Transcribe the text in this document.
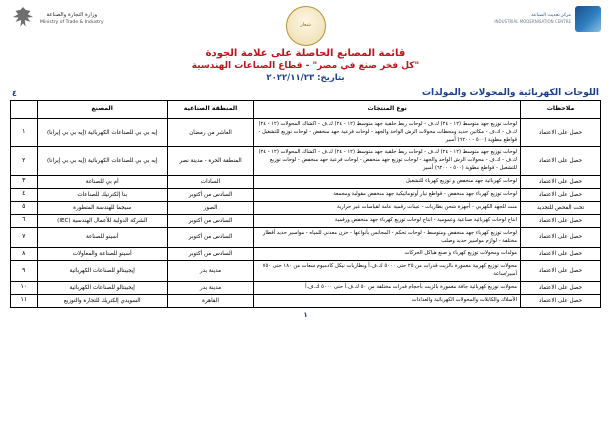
مركز تحديث الصناعة
INDUSTRIAL MODERNISATION CENTRE
شعار
وزارة التجارة والصناعة
Ministry of Trade & Industry
قائمة المصانع الحاصلة على علامة الجودة
"كل فخر صنع في مصر" - قطاع الصناعات الهندسية
بتاريخ: ٢٠٢٢/١١/٢٣
اللوحات الكهربائية والمحولات والمولدات
٤
ملاحظات	نوع المنتجات	المنطقة الصناعية	المصنع	
حصل على الاعتماد	لوحات توزيع جهد متوسط (١٢ - ٢٤) ك.ف - لوحات ربط حلقية جهد متوسط (١٢ - ٢٤) ك.ف - اكشاك المحولات (١٢ - ٢٤) ك.ف - ك.ف - مكاتين حديد ومحطات محولات الرش الواحد والجهد - لوحات فرعية حهد منخفض - لوحات توزيع للتشغيل - قواطع مطوية (٥٠٠ - ٦٢٠٠) أمبير	العاشر من رمضان	إيه بي بي للصناعات الكهربائية (إيه بي بي إيرانا)	١
حصل على الاعتماد	لوحات توزيع جهد متوسط (١٢ - ٢٤) ك.ف - لوحات ربط حلقية جهد متوسط (١٢ - ٢٤) ك.ف - اكشاك المحولات (١٢ - ٢٤) ك.ف - ك.ف - محولات الرش الواحد والجهد - لوحات توزيع جهد منخفض - لوحات فرعية حهد منخفض - لوحات توزيع للتشغيل - قواطع مطوية (٥٠٠ - ٦٢٠٠) أمبير	المنطقة الحرة - مدينة نصر	إيه بي بي للصناعات الكهربائية (إيه بي بي إيرانا)	٢
حصل على الاعتماد	لوحات كهربائية جهد منخفض و توزيع كهرباء للتشغيل	السادات	أم بي للصناعة	٣
حصل على الاعتماد	لوحات توزيع كهرباء جهد منخفض - قواطع تيار أوتوماتيكية جهد منخفض مقولبة ومجمعة	السادس من أكتوبر	بنا إلكترنيك للصناعات	٤
تحت الفحص للتجديد	منت للجهد الكهربي - أجهزة شحن بطاريات - عينات رقمية عامة لقياسات غير حرارية	الصور	سيجما للهندسة المتطورة	٥
حصل على الاعتماد	انتاج لوحات كهربائية صناعية وعمومية - انتاج لوحات توزيع كهرباء جهد منخفض ورقمية	السادس من أكتوبر	الشركة الدولية للأعمال الهندسية (IEC)	٦
حصل على الاعتماد	لوحات توزيع كهرباء جهد منخفض ومتوسط - لوحات تحكم - المجانس بأنواعها - خزن معدني للمياه - مواسير حديد أقطار مختلفة - لوازم مواسير حديد وصلب	السادس من أكتوبر	أسينو للصناعة	٧
حصل على الاعتماد	مولدات ومحولات توزيع كهرباء و صنع هياكل الحركات	السادس من أكتوبر	أسينو للصناعة والمعاولات	٨
حصل على الاعتماد	محولات توزيع كهربية مغمورة بالزيت قدرات من ٢٥ حتى ٥٠٠٠ ك.ف.أ وبطاريات نيكل كادميوم سعات من ١٨٠ حتى ٧٥٠ أمبير/ساعة	مدينة بدر	إيجيبتالو للصناعات الكهربائية	٩
حصل على الاعتماد	محولات توزيع كهربائية جافة مغمورة بالزيت بأحجام قدرات مختلفة من ٥٠ ك.ف.أ حتى ٥٠٠٠ ك.ف.أ	مدينة بدر	إيجيبتالو للصناعات الكهربائية	١٠
حصل على الاعتماد	الأسلاك والكابلات والمحولات الكهربائية والعدادات	القاهرة	السويدي إلكتريك للتجارة والتوزيع	١١
١
